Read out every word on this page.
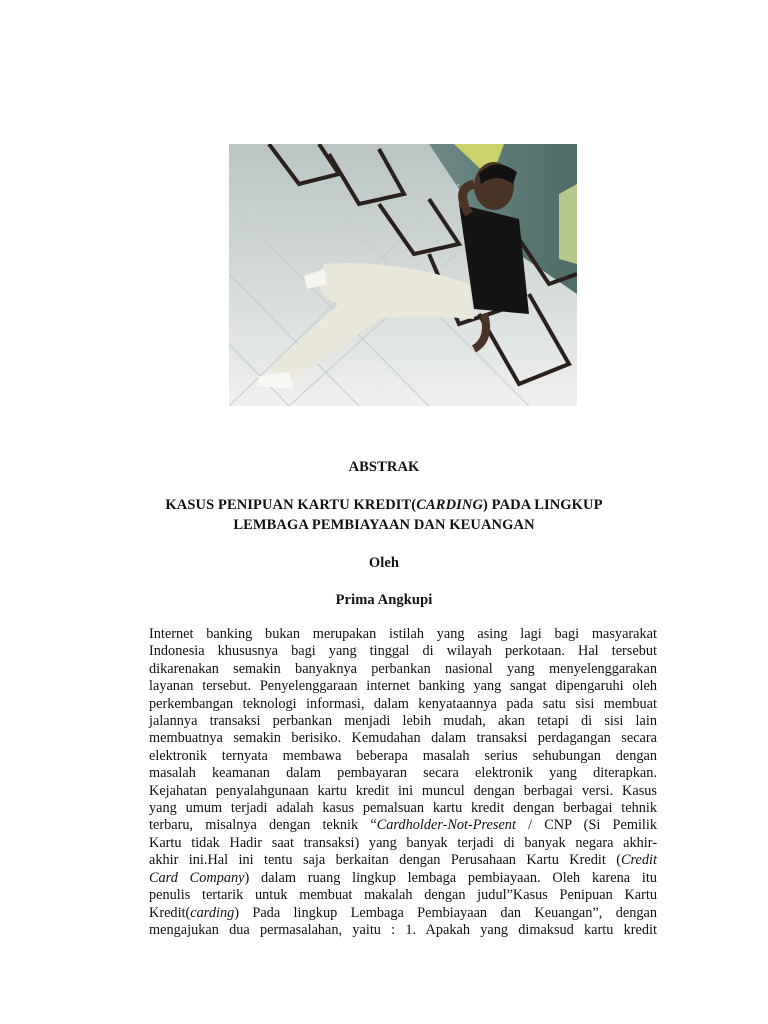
ABSTRAK
KASUS PENIPUAN KARTU KREDIT(CARDING) PADA LINGKUP
LEMBAGA PEMBIAYAAN DAN KEUANGAN
Oleh
Prima Angkupi
Internet banking bukan merupakan istilah yang asing lagi bagi masyarakat
Indonesia khususnya bagi yang tinggal di wilayah perkotaan. Hal tersebut
dikarenakan semakin banyaknya perbankan nasional yang menyelenggarakan
layanan tersebut. Penyelenggaraan internet banking yang sangat dipengaruhi oleh
perkembangan teknologi informasi, dalam kenyataannya pada satu sisi membuat
jalannya transaksi perbankan menjadi lebih mudah, akan tetapi di sisi lain
membuatnya semakin berisiko. Kemudahan dalam transaksi perdagangan secara
elektronik ternyata membawa beberapa masalah serius sehubungan dengan
masalah keamanan dalam pembayaran secara elektronik yang diterapkan.
Kejahatan penyalahgunaan kartu kredit ini muncul dengan berbagai versi. Kasus
yang umum terjadi adalah kasus pemalsuan kartu kredit dengan berbagai tehnik
terbaru, misalnya dengan teknik “Cardholder-Not-Present / CNP (Si Pemilik
Kartu tidak Hadir saat transaksi) yang banyak terjadi di banyak negara akhir-
akhir ini.Hal ini tentu saja berkaitan dengan Perusahaan Kartu Kredit (Credit
Card Company) dalam ruang lingkup lembaga pembiayaan. Oleh karena itu
penulis tertarik untuk membuat makalah dengan judul”Kasus Penipuan Kartu
Kredit(carding) Pada lingkup Lembaga Pembiayaan dan Keuangan”, dengan
mengajukan dua permasalahan, yaitu : 1. Apakah yang dimaksud kartu kredit
